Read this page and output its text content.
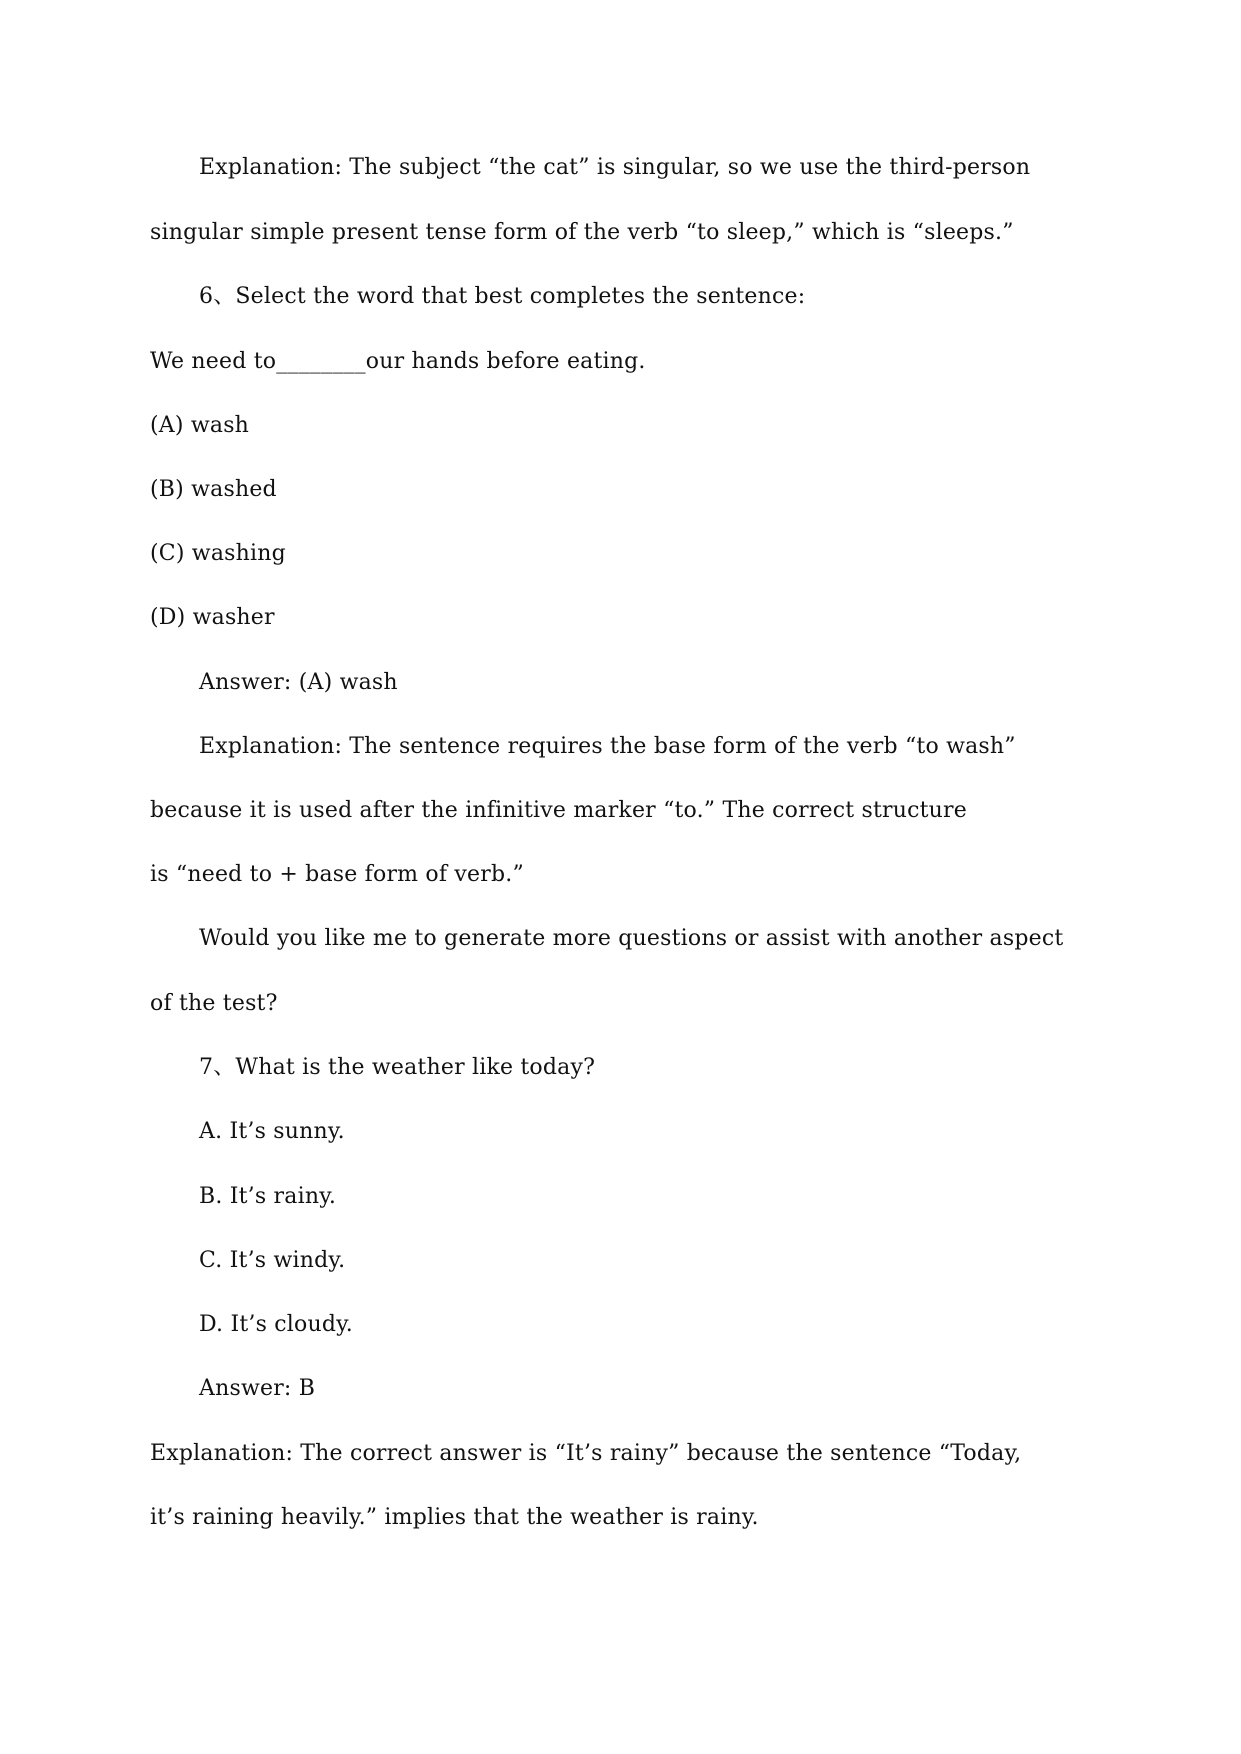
Explanation: The subject “the cat” is singular, so we use the third-person
singular simple present tense form of the verb “to sleep,” which is “sleeps.”
6、Select the word that best completes the sentence:
We need to________our hands before eating.
(A) wash
(B) washed
(C) washing
(D) washer
Answer: (A) wash
Explanation: The sentence requires the base form of the verb “to wash”
because it is used after the infinitive marker “to.” The correct structure
is “need to + base form of verb.”
Would you like me to generate more questions or assist with another aspect
of the test?
7、What is the weather like today?
A. It’s sunny.
B. It’s rainy.
C. It’s windy.
D. It’s cloudy.
Answer: B
Explanation: The correct answer is “It’s rainy” because the sentence “Today,
it’s raining heavily.” implies that the weather is rainy.
